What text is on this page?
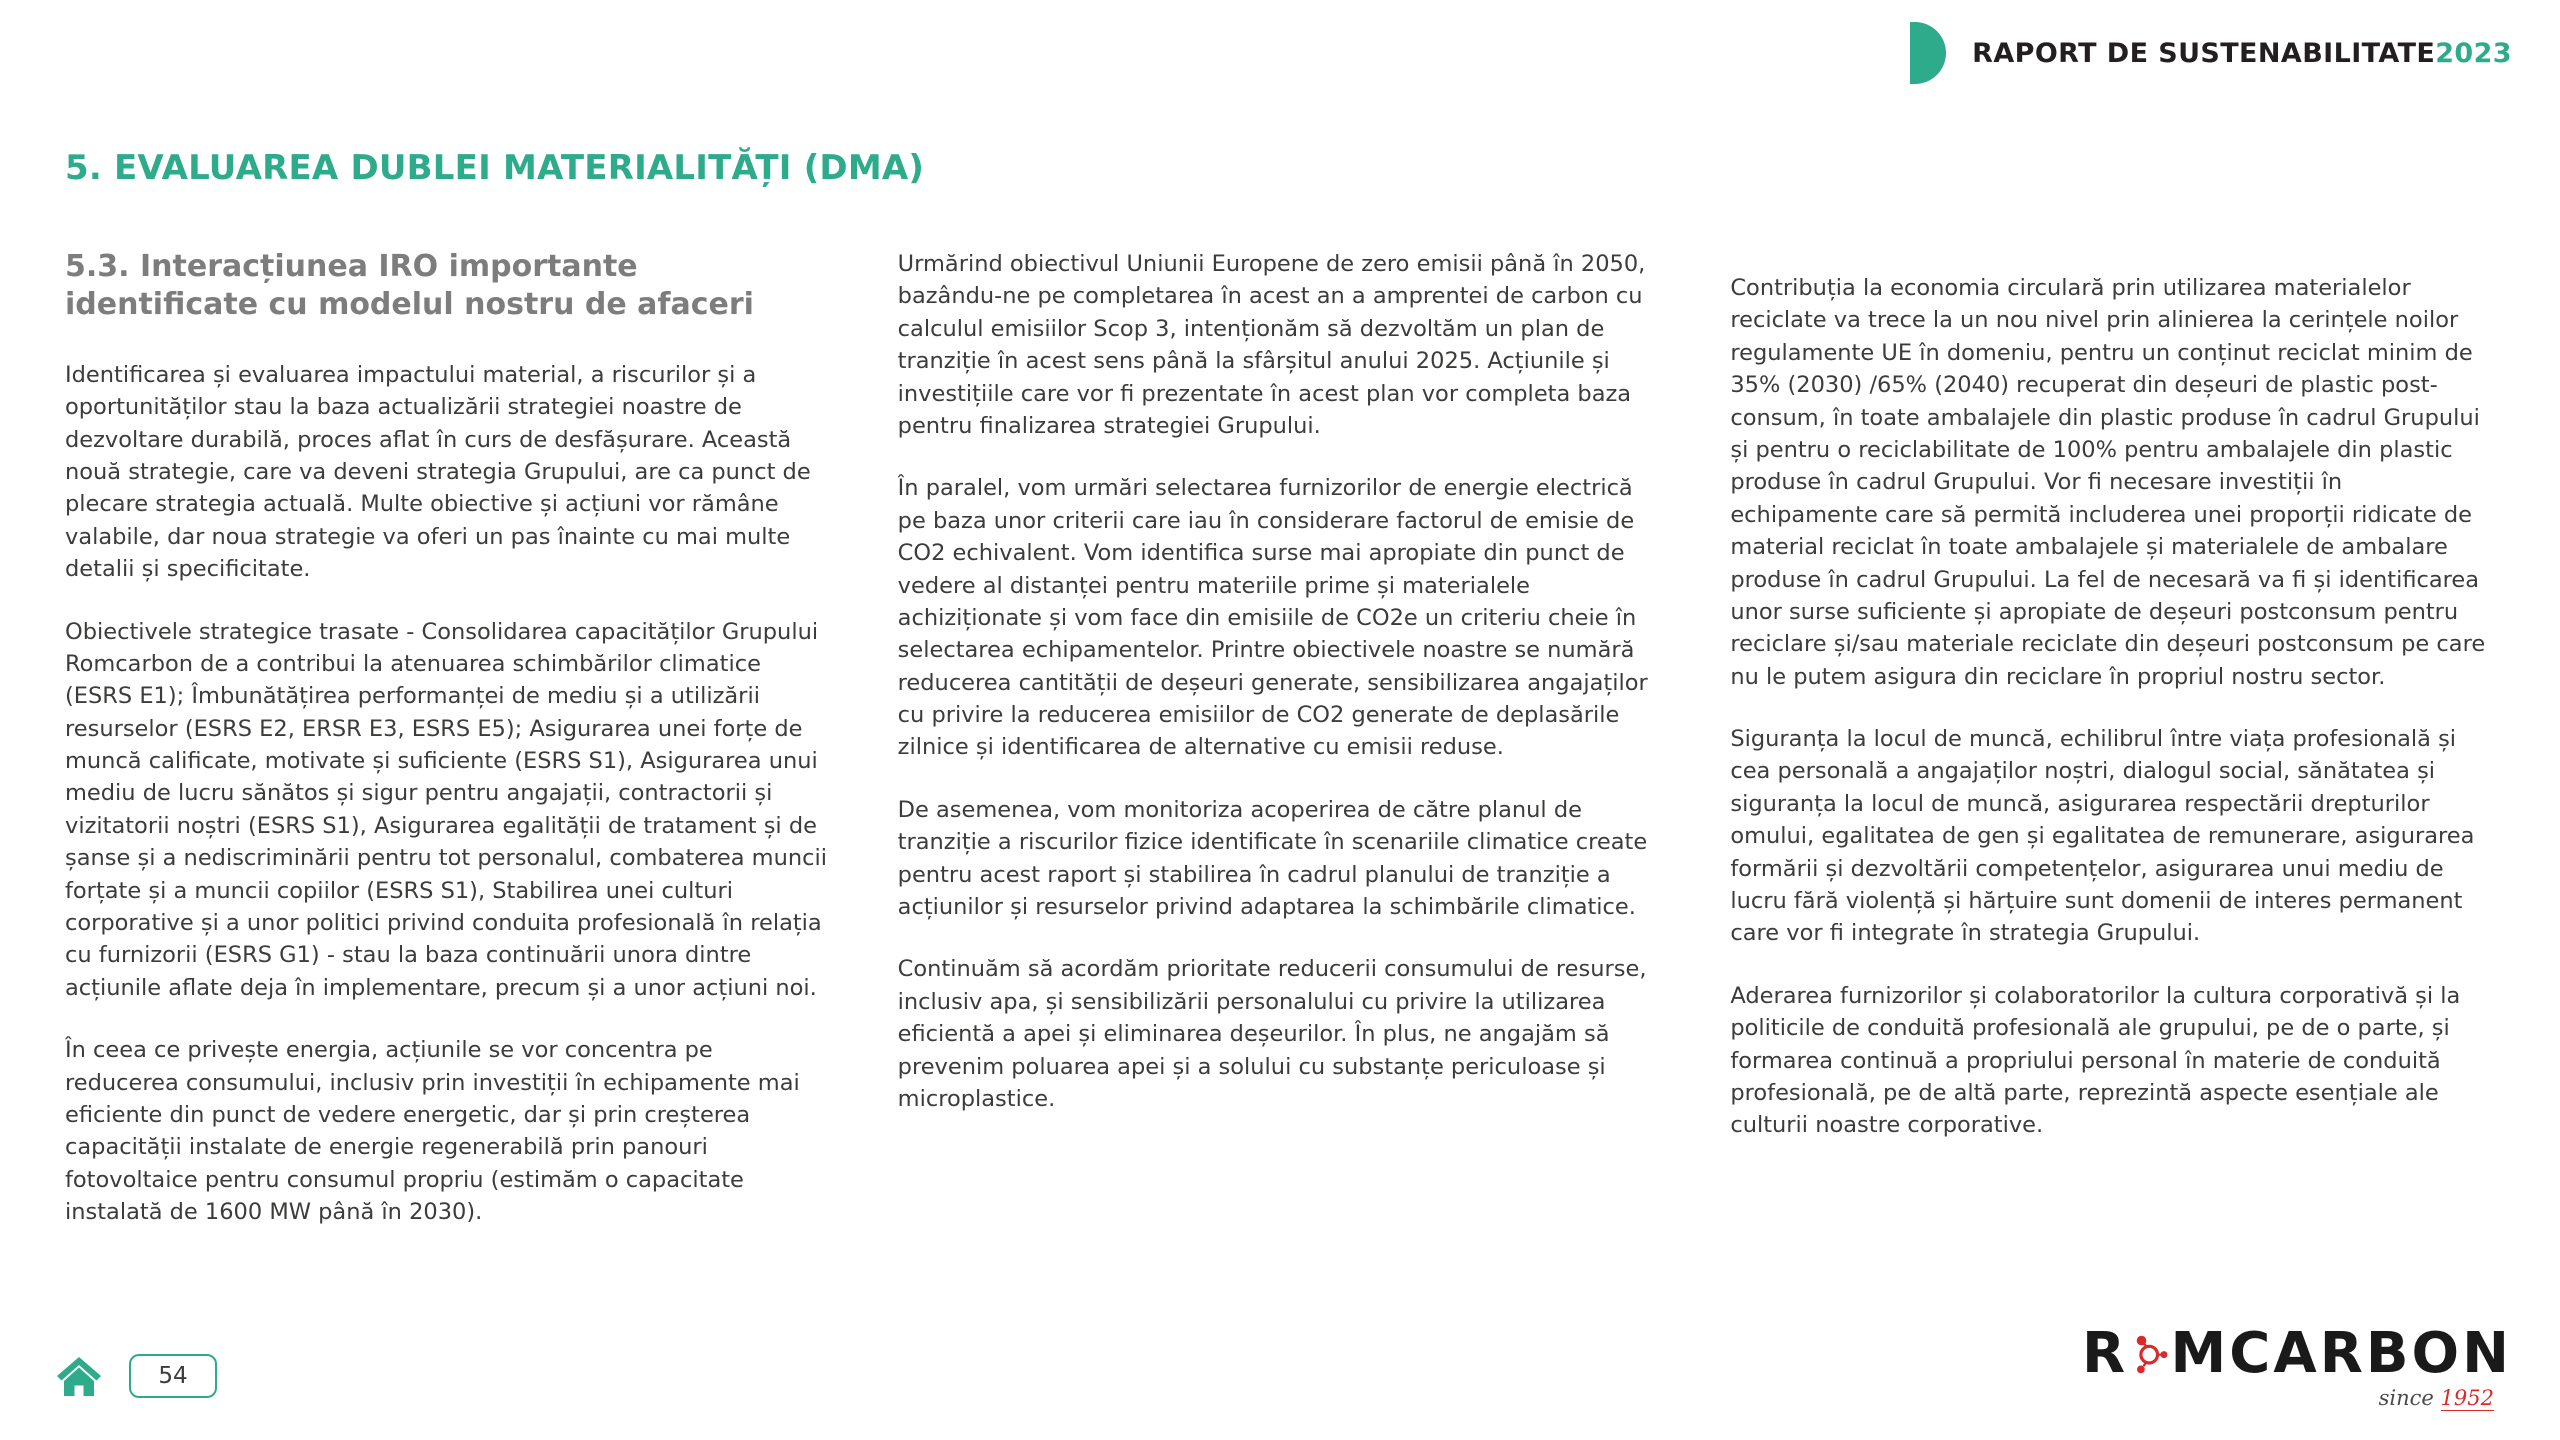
RAPORT DE SUSTENABILITATE2023
5. EVALUAREA DUBLEI MATERIALITĂȚI (DMA)
5.3. Interacțiunea IRO importante identificate cu modelul nostru de afaceri

Identificarea și evaluarea impactului material, a riscurilor și a oportunităților stau la baza actualizării strategiei noastre de dezvoltare durabilă, proces aflat în curs de desfășurare. Această nouă strategie, care va deveni strategia Grupului, are ca punct de plecare strategia actuală. Multe obiective și acțiuni vor rămâne valabile, dar noua strategie va oferi un pas înainte cu mai multe detalii și specificitate.

Obiectivele strategice trasate - Consolidarea capacităților Grupului Romcarbon de a contribui la atenuarea schimbărilor climatice (ESRS E1); Îmbunătățirea performanței de mediu și a utilizării resurselor (ESRS E2, ERSR E3, ESRS E5); Asigurarea unei forțe de muncă calificate, motivate și suficiente (ESRS S1), Asigurarea unui mediu de lucru sănătos și sigur pentru angajații, contractorii și vizitatorii noștri (ESRS S1), Asigurarea egalității de tratament și de șanse și a nediscriminării pentru tot personalul, combaterea muncii forțate și a muncii copiilor (ESRS S1), Stabilirea unei culturi corporative și a unor politici privind conduita profesională în relația cu furnizorii (ESRS G1) - stau la baza continuării unora dintre acțiunile aflate deja în implementare, precum și a unor acțiuni noi.

În ceea ce privește energia, acțiunile se vor concentra pe reducerea consumului, inclusiv prin investiții în echipamente mai eficiente din punct de vedere energetic, dar și prin creșterea capacității instalate de energie regenerabilă prin panouri fotovoltaice pentru consumul propriu (estimăm o capacitate instalată de 1600 MW până în 2030).

Urmărind obiectivul Uniunii Europene de zero emisii până în 2050, bazându-ne pe completarea în acest an a amprentei de carbon cu calculul emisiilor Scop 3, intenționăm să dezvoltăm un plan de tranziție în acest sens până la sfârșitul anului 2025. Acțiunile și investițiile care vor fi prezentate în acest plan vor completa baza pentru finalizarea strategiei Grupului.

În paralel, vom urmări selectarea furnizorilor de energie electrică pe baza unor criterii care iau în considerare factorul de emisie de CO2 echivalent. Vom identifica surse mai apropiate din punct de vedere al distanței pentru materiile prime și materialele achiziționate și vom face din emisiile de CO2e un criteriu cheie în selectarea echipamentelor. Printre obiectivele noastre se numără reducerea cantității de deșeuri generate, sensibilizarea angajaților cu privire la reducerea emisiilor de CO2 generate de deplasările zilnice și identificarea de alternative cu emisii reduse.

De asemenea, vom monitoriza acoperirea de către planul de tranziție a riscurilor fizice identificate în scenariile climatice create pentru acest raport și stabilirea în cadrul planului de tranziție a acțiunilor și resurselor privind adaptarea la schimbările climatice.

Continuăm să acordăm prioritate reducerii consumului de resurse, inclusiv apa, și sensibilizării personalului cu privire la utilizarea eficientă a apei și eliminarea deșeurilor. În plus, ne angajăm să prevenim poluarea apei și a solului cu substanțe periculoase și microplastice.

Contribuția la economia circulară prin utilizarea materialelor reciclate va trece la un nou nivel prin alinierea la cerințele noilor regulamente UE în domeniu, pentru un conținut reciclat minim de 35% (2030) /65% (2040) recuperat din deșeuri de plastic post-consum, în toate ambalajele din plastic produse în cadrul Grupului și pentru o reciclabilitate de 100% pentru ambalajele din plastic produse în cadrul Grupului. Vor fi necesare investiții în echipamente care să permită includerea unei proporții ridicate de material reciclat în toate ambalajele și materialele de ambalare produse în cadrul Grupului. La fel de necesară va fi și identificarea unor surse suficiente și apropiate de deșeuri postconsum pentru reciclare și/sau materiale reciclate din deșeuri postconsum pe care nu le putem asigura din reciclare în propriul nostru sector.

Siguranța la locul de muncă, echilibrul între viața profesională și cea personală a angajaților noștri, dialogul social, sănătatea și siguranța la locul de muncă, asigurarea respectării drepturilor omului, egalitatea de gen și egalitatea de remunerare, asigurarea formării și dezvoltării competențelor, asigurarea unui mediu de lucru fără violență și hărțuire sunt domenii de interes permanent care vor fi integrate în strategia Grupului.

Aderarea furnizorilor și colaboratorilor la cultura corporativă și la politicile de conduită profesională ale grupului, pe de o parte, și formarea continuă a propriului personal în materie de conduită profesională, pe de altă parte, reprezintă aspecte esențiale ale culturii noastre corporative.

54	R MCARBON
since 1952
